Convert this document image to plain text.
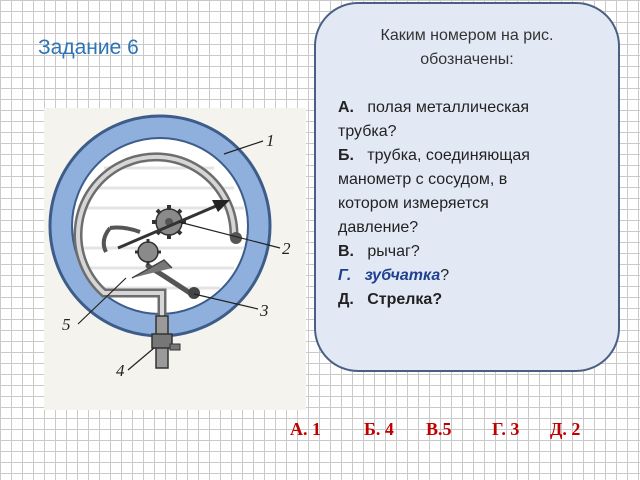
Задание 6
1
2
3
4
5
Каким номером на рис.
обозначены:
А. полая металлическая
трубка?
Б. трубка, соединяющая
манометр с сосудом, в
котором измеряется
давление?
В. рычаг?
Г. зубчатка?
Д. Стрелка?
А. 1 Б. 4 В.5 Г. 3 Д. 2
